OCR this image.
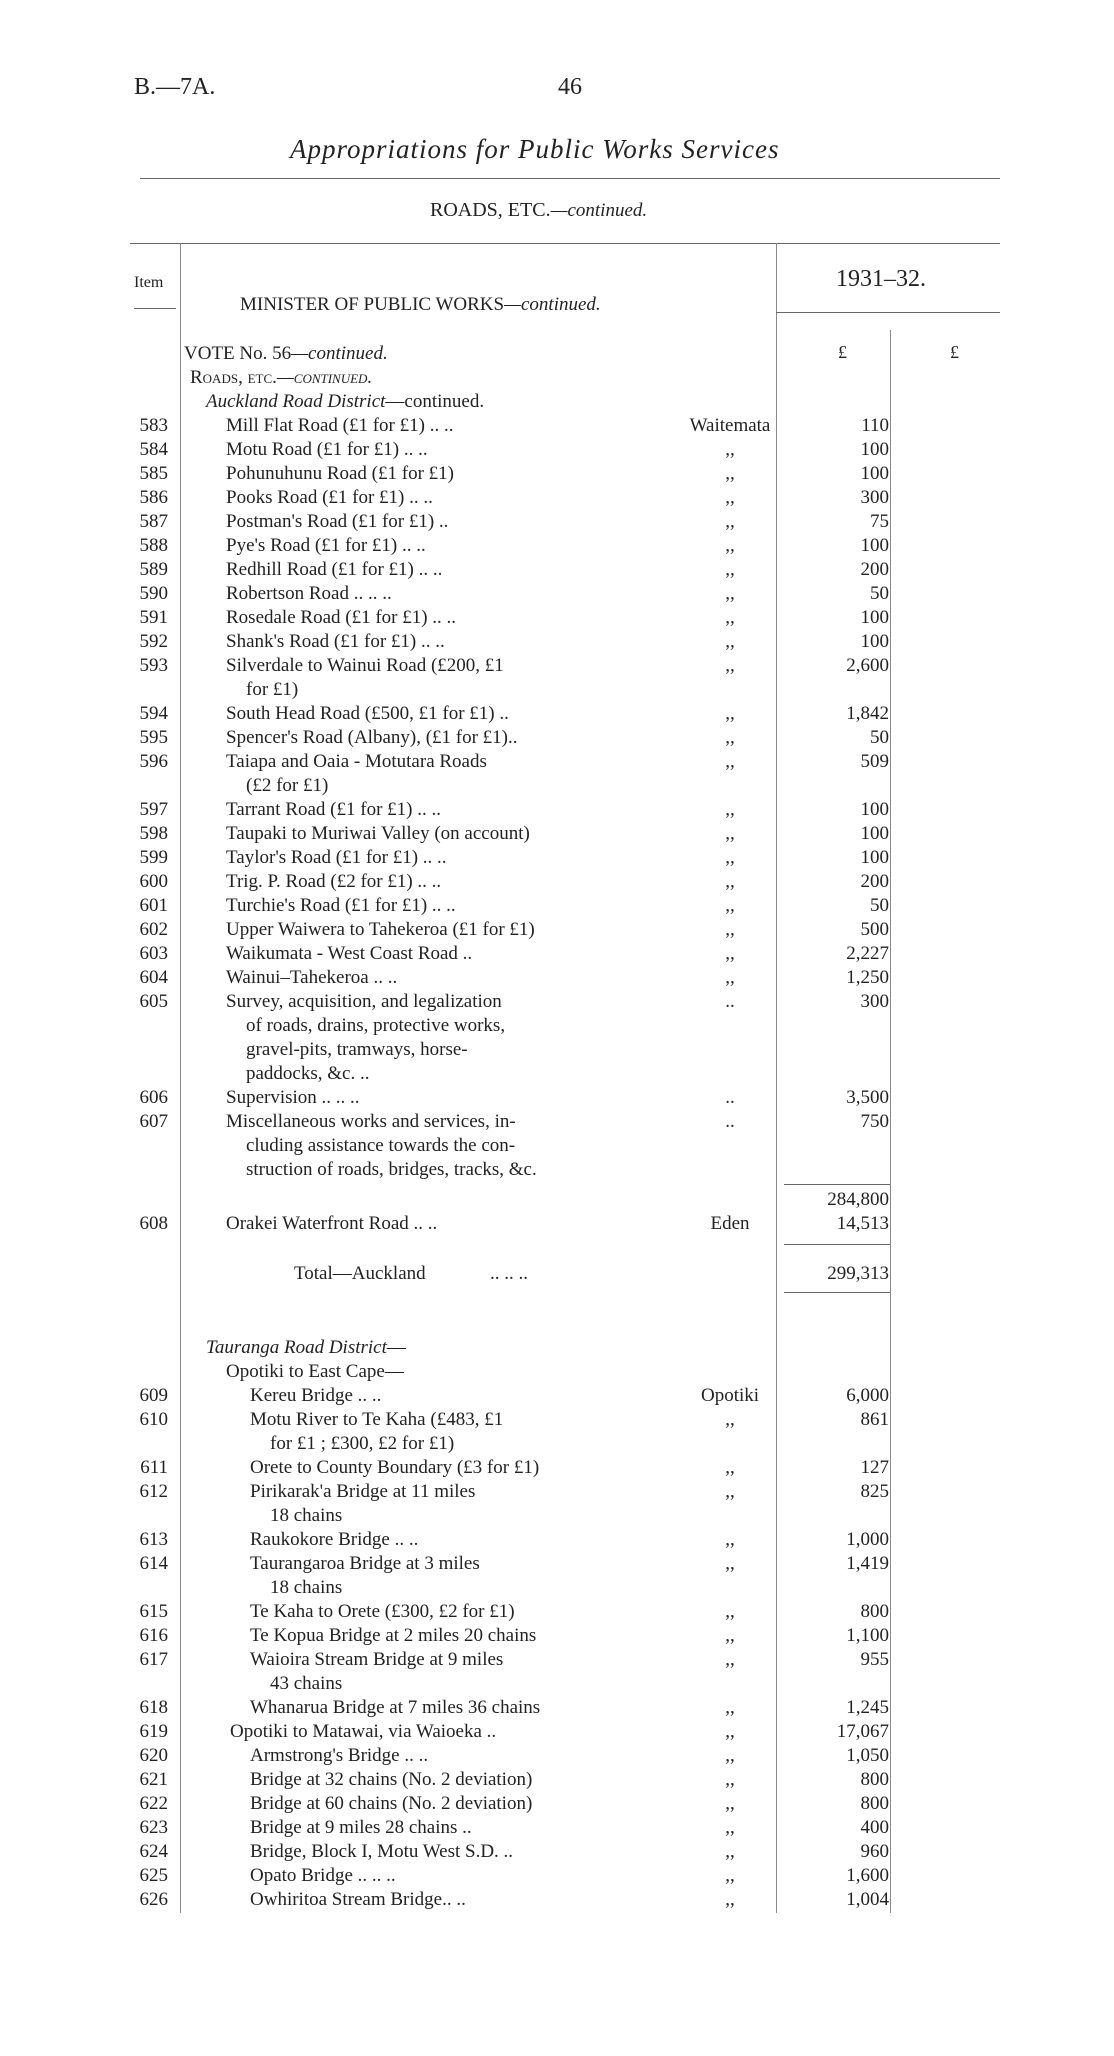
B.—7A.	46
Appropriations for Public Works Services
ROADS, ETC.—continued.
Item
MINISTER OF PUBLIC WORKS—continued.
1931–32.
£	£
VOTE No. 56—continued.
Roads, etc.—continued.
Auckland Road District—continued.
583	Mill Flat Road (£1 for £1) .. ..	Waitemata	110
584	Motu Road (£1 for £1) .. ..	,,	100
585	Pohunuhunu Road (£1 for £1)	,,	100
586	Pooks Road (£1 for £1) .. ..	,,	300
587	Postman's Road (£1 for £1) ..	,,	75
588	Pye's Road (£1 for £1) .. ..	,,	100
589	Redhill Road (£1 for £1) .. ..	,,	200
590	Robertson Road .. .. ..	,,	50
591	Rosedale Road (£1 for £1) .. ..	,,	100
592	Shank's Road (£1 for £1) .. ..	,,	100
593	Silverdale to Wainui Road (£200, £1	,,	2,600
for £1)
594	South Head Road (£500, £1 for £1) ..	,,	1,842
595	Spencer's Road (Albany), (£1 for £1)..	,,	50
596	Taiapa and Oaia - Motutara Roads	,,	509
(£2 for £1)
597	Tarrant Road (£1 for £1) .. ..	,,	100
598	Taupaki to Muriwai Valley (on account)	,,	100
599	Taylor's Road (£1 for £1) .. ..	,,	100
600	Trig. P. Road (£2 for £1) .. ..	,,	200
601	Turchie's Road (£1 for £1) .. ..	,,	50
602	Upper Waiwera to Tahekeroa (£1 for £1)	,,	500
603	Waikumata - West Coast Road ..	,,	2,227
604	Wainui–Tahekeroa .. ..	,,	1,250
605	Survey, acquisition, and legalization	..	300
of roads, drains, protective works,
gravel-pits, tramways, horse-
paddocks, &c. ..
606	Supervision .. .. ..	..	3,500
607	Miscellaneous works and services, in-	..	750
cluding assistance towards the con-
struction of roads, bridges, tracks, &c.
284,800
608	Orakei Waterfront Road .. ..	Eden	14,513
Total—Auckland	.. .. ..	299,313
Tauranga Road District—
Opotiki to East Cape—
609	Kereu Bridge .. ..	Opotiki	6,000
610	Motu River to Te Kaha (£483, £1	,,	861
for £1 ; £300, £2 for £1)
611	Orete to County Boundary (£3 for £1)	,,	127
612	Pirikarak'a Bridge at 11 miles	,,	825
18 chains
613	Raukokore Bridge .. ..	,,	1,000
614	Taurangaroa Bridge at 3 miles	,,	1,419
18 chains
615	Te Kaha to Orete (£300, £2 for £1)	,,	800
616	Te Kopua Bridge at 2 miles 20 chains	,,	1,100
617	Waioira Stream Bridge at 9 miles	,,	955
43 chains
618	Whanarua Bridge at 7 miles 36 chains	,,	1,245
619	Opotiki to Matawai, via Waioeka ..	,,	17,067
620	Armstrong's Bridge .. ..	,,	1,050
621	Bridge at 32 chains (No. 2 deviation)	,,	800
622	Bridge at 60 chains (No. 2 deviation)	,,	800
623	Bridge at 9 miles 28 chains ..	,,	400
624	Bridge, Block I, Motu West S.D. ..	,,	960
625	Opato Bridge .. .. ..	,,	1,600
626	Owhiritoa Stream Bridge.. ..	,,	1,004
